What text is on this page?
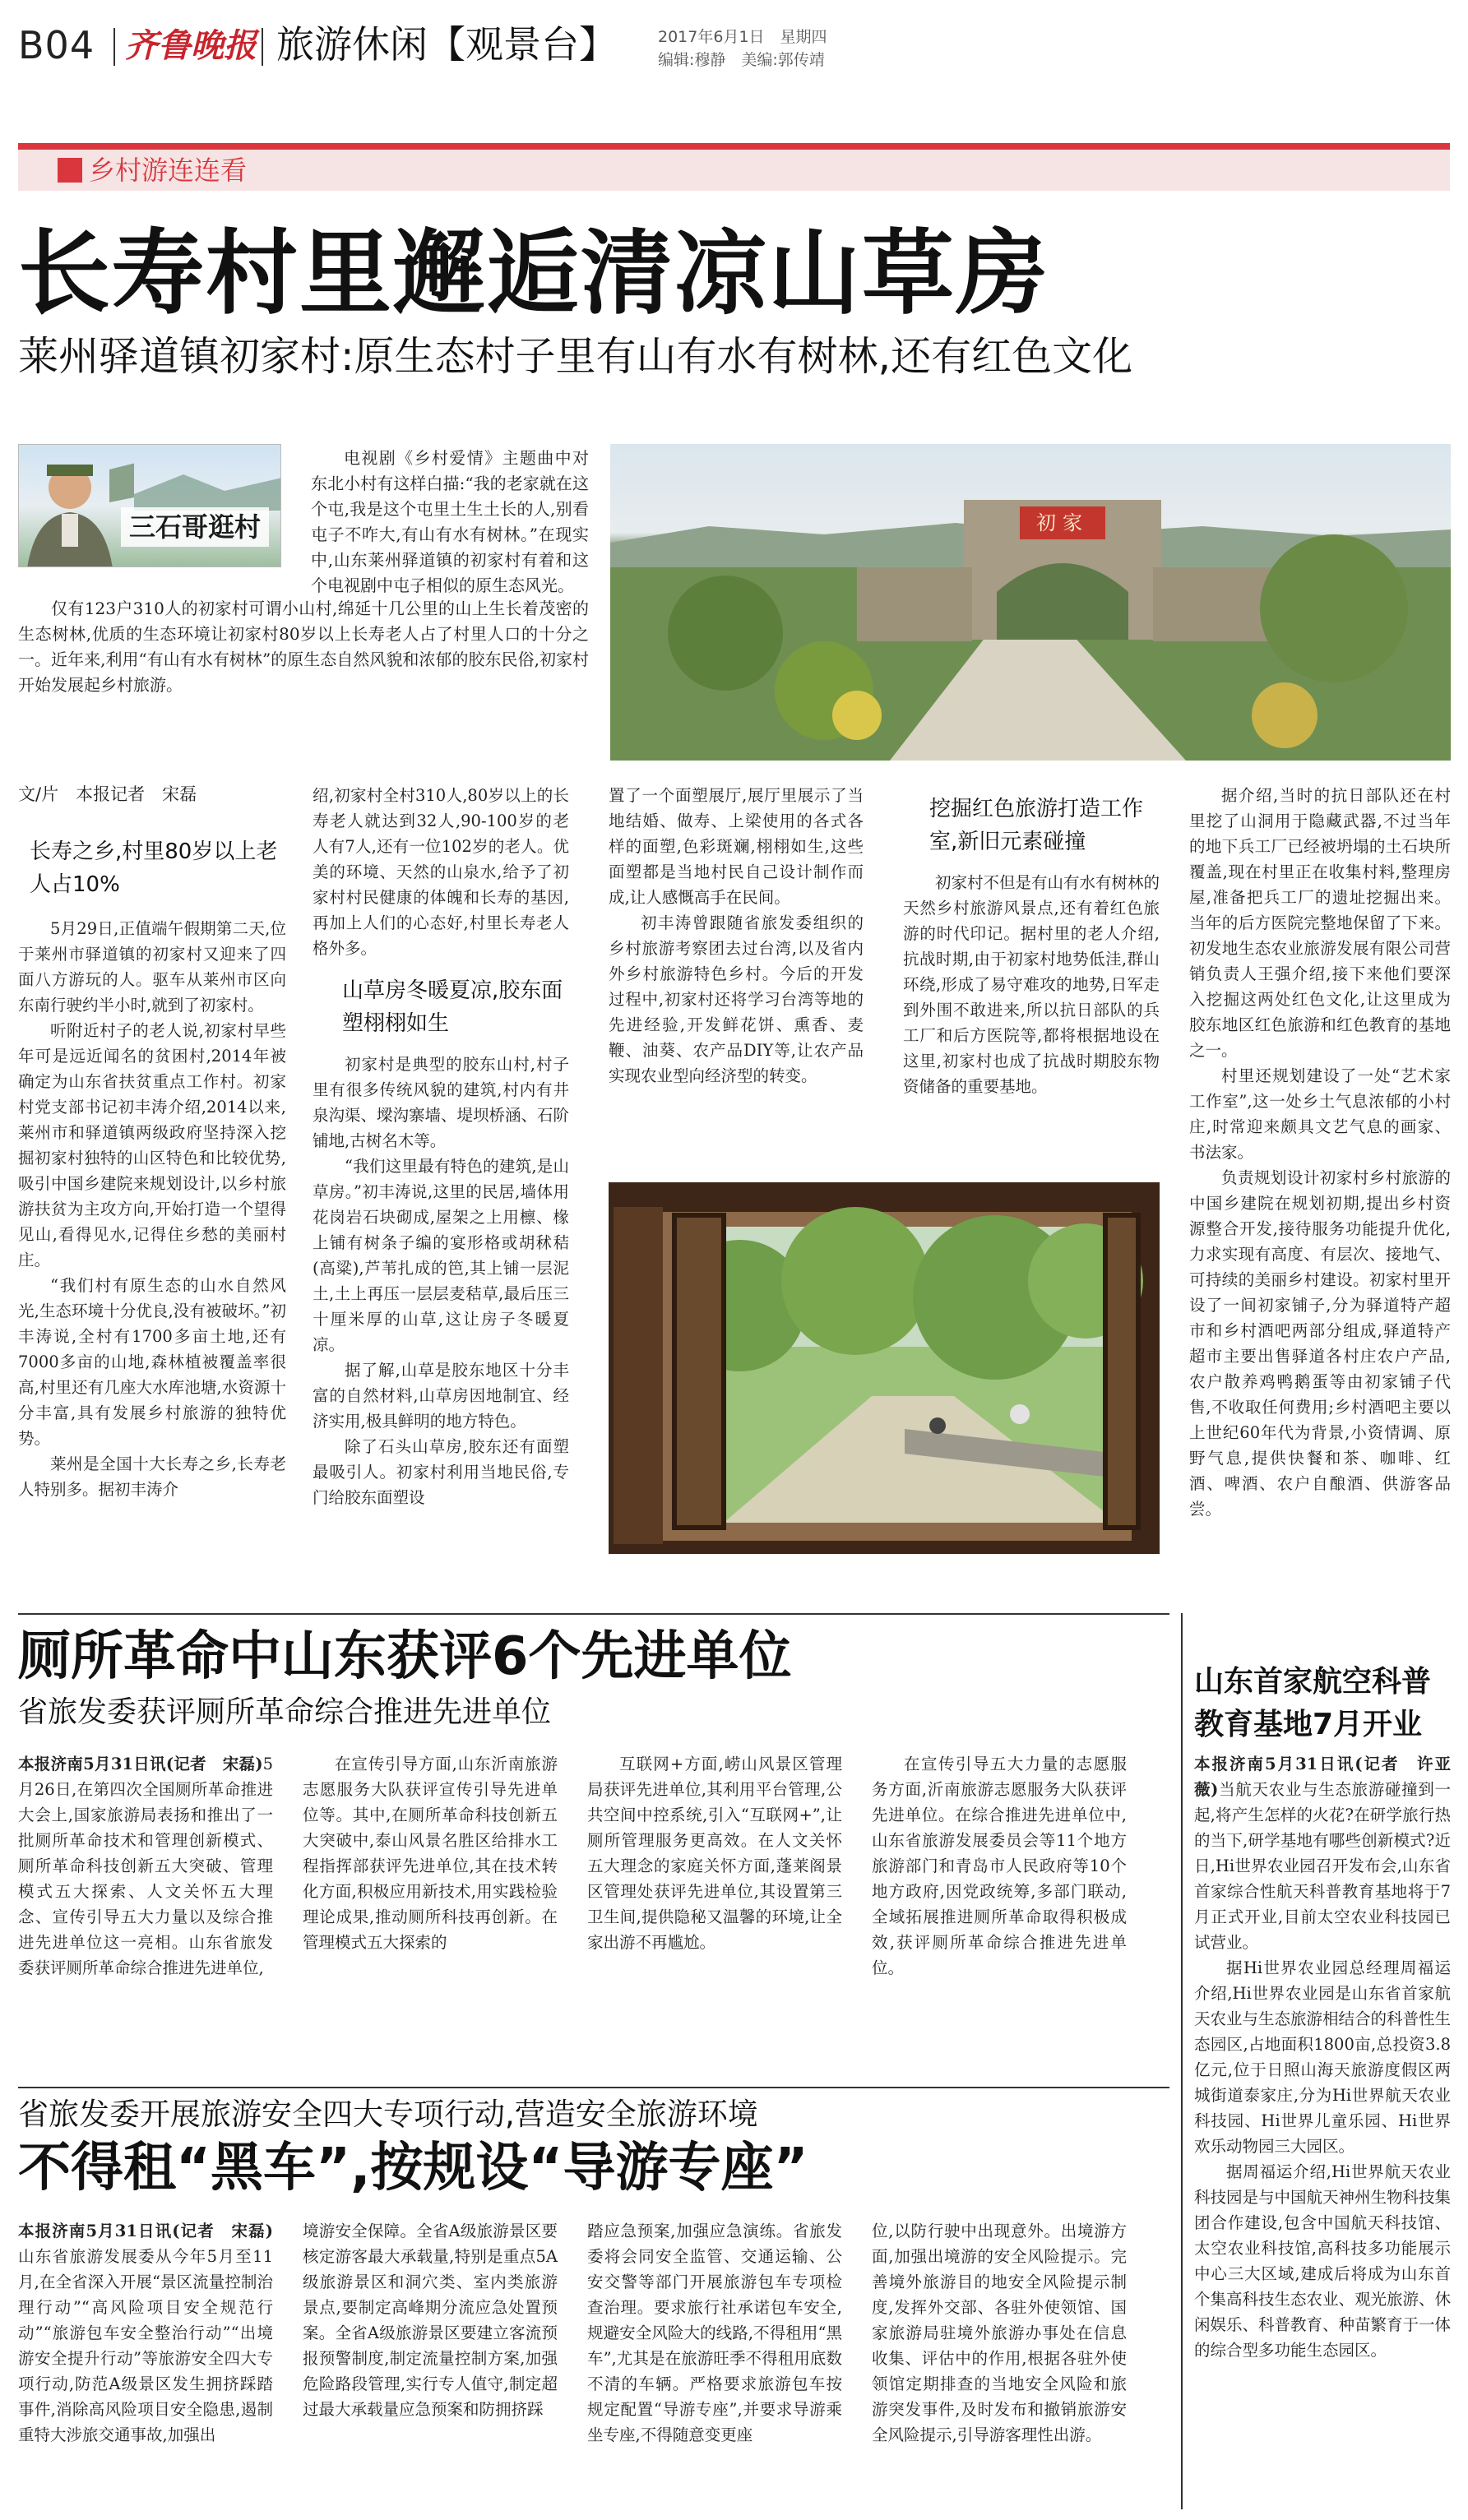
B04 齐鲁晚报 旅游休闲【观景台】	2017年6月1日　星期四
编辑:穆静　美编:郭传靖
乡村游连连看
长寿村里邂逅清凉山草房
莱州驿道镇初家村:原生态村子里有山有水有树林,还有红色文化
三石哥逛村

电视剧《乡村爱情》主题曲中对东北小村有这样白描:“我的老家就在这个屯,我是这个屯里土生土长的人,别看屯子不咋大,有山有水有树林。”在现实中,山东莱州驿道镇的初家村有着和这个电视剧中屯子相似的原生态风光。

仅有123户310人的初家村可谓小山村,绵延十几公里的山上生长着茂密的生态树林,优质的生态环境让初家村80岁以上长寿老人占了村里人口的十分之一。近年来,利用“有山有水有树林”的原生态自然风貌和浓郁的胶东民俗,初家村开始发展起乡村旅游。

初家
文/片　本报记者　宋磊
长寿之乡,村里80岁以上老人占10%

5月29日,正值端午假期第二天,位于莱州市驿道镇的初家村又迎来了四面八方游玩的人。驱车从莱州市区向东南行驶约半小时,就到了初家村。

听附近村子的老人说,初家村早些年可是远近闻名的贫困村,2014年被确定为山东省扶贫重点工作村。初家村党支部书记初丰涛介绍,2014以来,莱州市和驿道镇两级政府坚持深入挖掘初家村独特的山区特色和比较优势,吸引中国乡建院来规划设计,以乡村旅游扶贫为主攻方向,开始打造一个望得见山,看得见水,记得住乡愁的美丽村庄。

“我们村有原生态的山水自然风光,生态环境十分优良,没有被破坏。”初丰涛说,全村有1700多亩土地,还有7000多亩的山地,森林植被覆盖率很高,村里还有几座大水库池塘,水资源十分丰富,具有发展乡村旅游的独特优势。

莱州是全国十大长寿之乡,长寿老人特别多。据初丰涛介

绍,初家村全村310人,80岁以上的长寿老人就达到32人,90-100岁的老人有7人,还有一位102岁的老人。优美的环境、天然的山泉水,给予了初家村村民健康的体魄和长寿的基因,再加上人们的心态好,村里长寿老人格外多。

山草房冬暖夏凉,胶东面塑栩栩如生

初家村是典型的胶东山村,村子里有很多传统风貌的建筑,村内有井泉沟渠、墚沟寨墙、堤坝桥涵、石阶铺地,古树名木等。

“我们这里最有特色的建筑,是山草房。”初丰涛说,这里的民居,墙体用花岗岩石块砌成,屋架之上用檩、椽上铺有树条子编的宴形格或胡秫秸(高粱),芦苇扎成的笆,其上铺一层泥土,土上再压一层层麦秸草,最后压三十厘米厚的山草,这让房子冬暖夏凉。

据了解,山草是胶东地区十分丰富的自然材料,山草房因地制宜、经济实用,极具鲜明的地方特色。

除了石头山草房,胶东还有面塑最吸引人。初家村利用当地民俗,专门给胶东面塑设

置了一个面塑展厅,展厅里展示了当地结婚、做寿、上梁使用的各式各样的面塑,色彩斑斓,栩栩如生,这些面塑都是当地村民自己设计制作而成,让人感慨高手在民间。

初丰涛曾跟随省旅发委组织的乡村旅游考察团去过台湾,以及省内外乡村旅游特色乡村。今后的开发过程中,初家村还将学习台湾等地的先进经验,开发鲜花饼、熏香、麦鞭、油葵、农产品DIY等,让农产品实现农业型向经济型的转变。

挖掘红色旅游打造工作室,新旧元素碰撞

初家村不但是有山有水有树林的天然乡村旅游风景点,还有着红色旅游的时代印记。据村里的老人介绍,抗战时期,由于初家村地势低洼,群山环绕,形成了易守难攻的地势,日军走到外围不敢进来,所以抗日部队的兵工厂和后方医院等,都将根据地设在这里,初家村也成了抗战时期胶东物资储备的重要基地。

据介绍,当时的抗日部队还在村里挖了山洞用于隐藏武器,不过当年的地下兵工厂已经被坍塌的土石块所覆盖,现在村里正在收集村料,整理房屋,准备把兵工厂的遗址挖掘出来。当年的后方医院完整地保留了下来。初发地生态农业旅游发展有限公司营销负责人王强介绍,接下来他们要深入挖掘这两处红色文化,让这里成为胶东地区红色旅游和红色教育的基地之一。

村里还规划建设了一处“艺术家工作室”,这一处乡土气息浓郁的小村庄,时常迎来颇具文艺气息的画家、书法家。

负责规划设计初家村乡村旅游的中国乡建院在规划初期,提出乡村资源整合开发,接待服务功能提升优化,力求实现有高度、有层次、接地气、可持续的美丽乡村建设。初家村里开设了一间初家铺子,分为驿道特产超市和乡村酒吧两部分组成,驿道特产超市主要出售驿道各村庄农户产品,农户散养鸡鸭鹅蛋等由初家铺子代售,不收取任何费用;乡村酒吧主要以上世纪60年代为背景,小资情调、原野气息,提供快餐和茶、咖啡、红酒、啤酒、农户自酿酒、供游客品尝。

厕所革命中山东获评6个先进单位
省旅发委获评厕所革命综合推进先进单位

本报济南5月31日讯(记者　宋磊)5月26日,在第四次全国厕所革命推进大会上,国家旅游局表扬和推出了一批厕所革命技术和管理创新模式、厕所革命科技创新五大突破、管理模式五大探索、人文关怀五大理念、宣传引导五大力量以及综合推进先进单位这一亮相。山东省旅发委获评厕所革命综合推进先进单位,

在宣传引导方面,山东沂南旅游志愿服务大队获评宣传引导先进单位等。其中,在厕所革命科技创新五大突破中,泰山风景名胜区给排水工程指挥部获评先进单位,其在技术转化方面,积极应用新技术,用实践检验理论成果,推动厕所科技再创新。在管理模式五大探索的

互联网+方面,崂山风景区管理局获评先进单位,其利用平台管理,公共空间中控系统,引入“互联网+”,让厕所管理服务更高效。在人文关怀五大理念的家庭关怀方面,蓬莱阁景区管理处获评先进单位,其设置第三卫生间,提供隐秘又温馨的环境,让全家出游不再尴尬。

在宣传引导五大力量的志愿服务方面,沂南旅游志愿服务大队获评先进单位。在综合推进先进单位中,山东省旅游发展委员会等11个地方旅游部门和青岛市人民政府等10个地方政府,因党政统筹,多部门联动,全域拓展推进厕所革命取得积极成效,获评厕所革命综合推进先进单位。

省旅发委开展旅游安全四大专项行动,营造安全旅游环境
不得租“黑车”,按规设“导游专座”

本报济南5月31日讯(记者　宋磊)山东省旅游发展委从今年5月至11月,在全省深入开展“景区流量控制治理行动”“高风险项目安全规范行动”“旅游包车安全整治行动”“出境游安全提升行动”等旅游安全四大专项行动,防范A级景区发生拥挤踩踏事件,消除高风险项目安全隐患,遏制重特大涉旅交通事故,加强出

境游安全保障。全省A级旅游景区要核定游客最大承载量,特别是重点5A级旅游景区和洞穴类、室内类旅游景点,要制定高峰期分流应急处置预案。全省A级旅游景区要建立客流预报预警制度,制定流量控制方案,加强危险路段管理,实行专人值守,制定超过最大承载量应急预案和防拥挤踩

踏应急预案,加强应急演练。省旅发委将会同安全监管、交通运输、公安交警等部门开展旅游包车专项检查治理。要求旅行社承诺包车安全,规避安全风险大的线路,不得租用“黑车”,尤其是在旅游旺季不得租用底数不清的车辆。严格要求旅游包车按规定配置“导游专座”,并要求导游乘坐专座,不得随意变更座

位,以防行驶中出现意外。出境游方面,加强出境游的安全风险提示。完善境外旅游目的地安全风险提示制度,发挥外交部、各驻外使领馆、国家旅游局驻境外旅游办事处在信息收集、评估中的作用,根据各驻外使领馆定期排查的当地安全风险和旅游突发事件,及时发布和撤销旅游安全风险提示,引导游客理性出游。

山东首家航空科普教育基地7月开业

本报济南5月31日讯(记者　许亚薇)当航天农业与生态旅游碰撞到一起,将产生怎样的火花?在研学旅行热的当下,研学基地有哪些创新模式?近日,Hi世界农业园召开发布会,山东省首家综合性航天科普教育基地将于7月正式开业,目前太空农业科技园已试营业。

据Hi世界农业园总经理周福运介绍,Hi世界农业园是山东省首家航天农业与生态旅游相结合的科普性生态园区,占地面积1800亩,总投资3.8亿元,位于日照山海天旅游度假区两城街道泰家庄,分为Hi世界航天农业科技园、Hi世界儿童乐园、Hi世界欢乐动物园三大园区。

据周福运介绍,Hi世界航天农业科技园是与中国航天神州生物科技集团合作建设,包含中国航天科技馆、太空农业科技馆,高科技多功能展示中心三大区域,建成后将成为山东首个集高科技生态农业、观光旅游、休闲娱乐、科普教育、种苗繁育于一体的综合型多功能生态园区。
